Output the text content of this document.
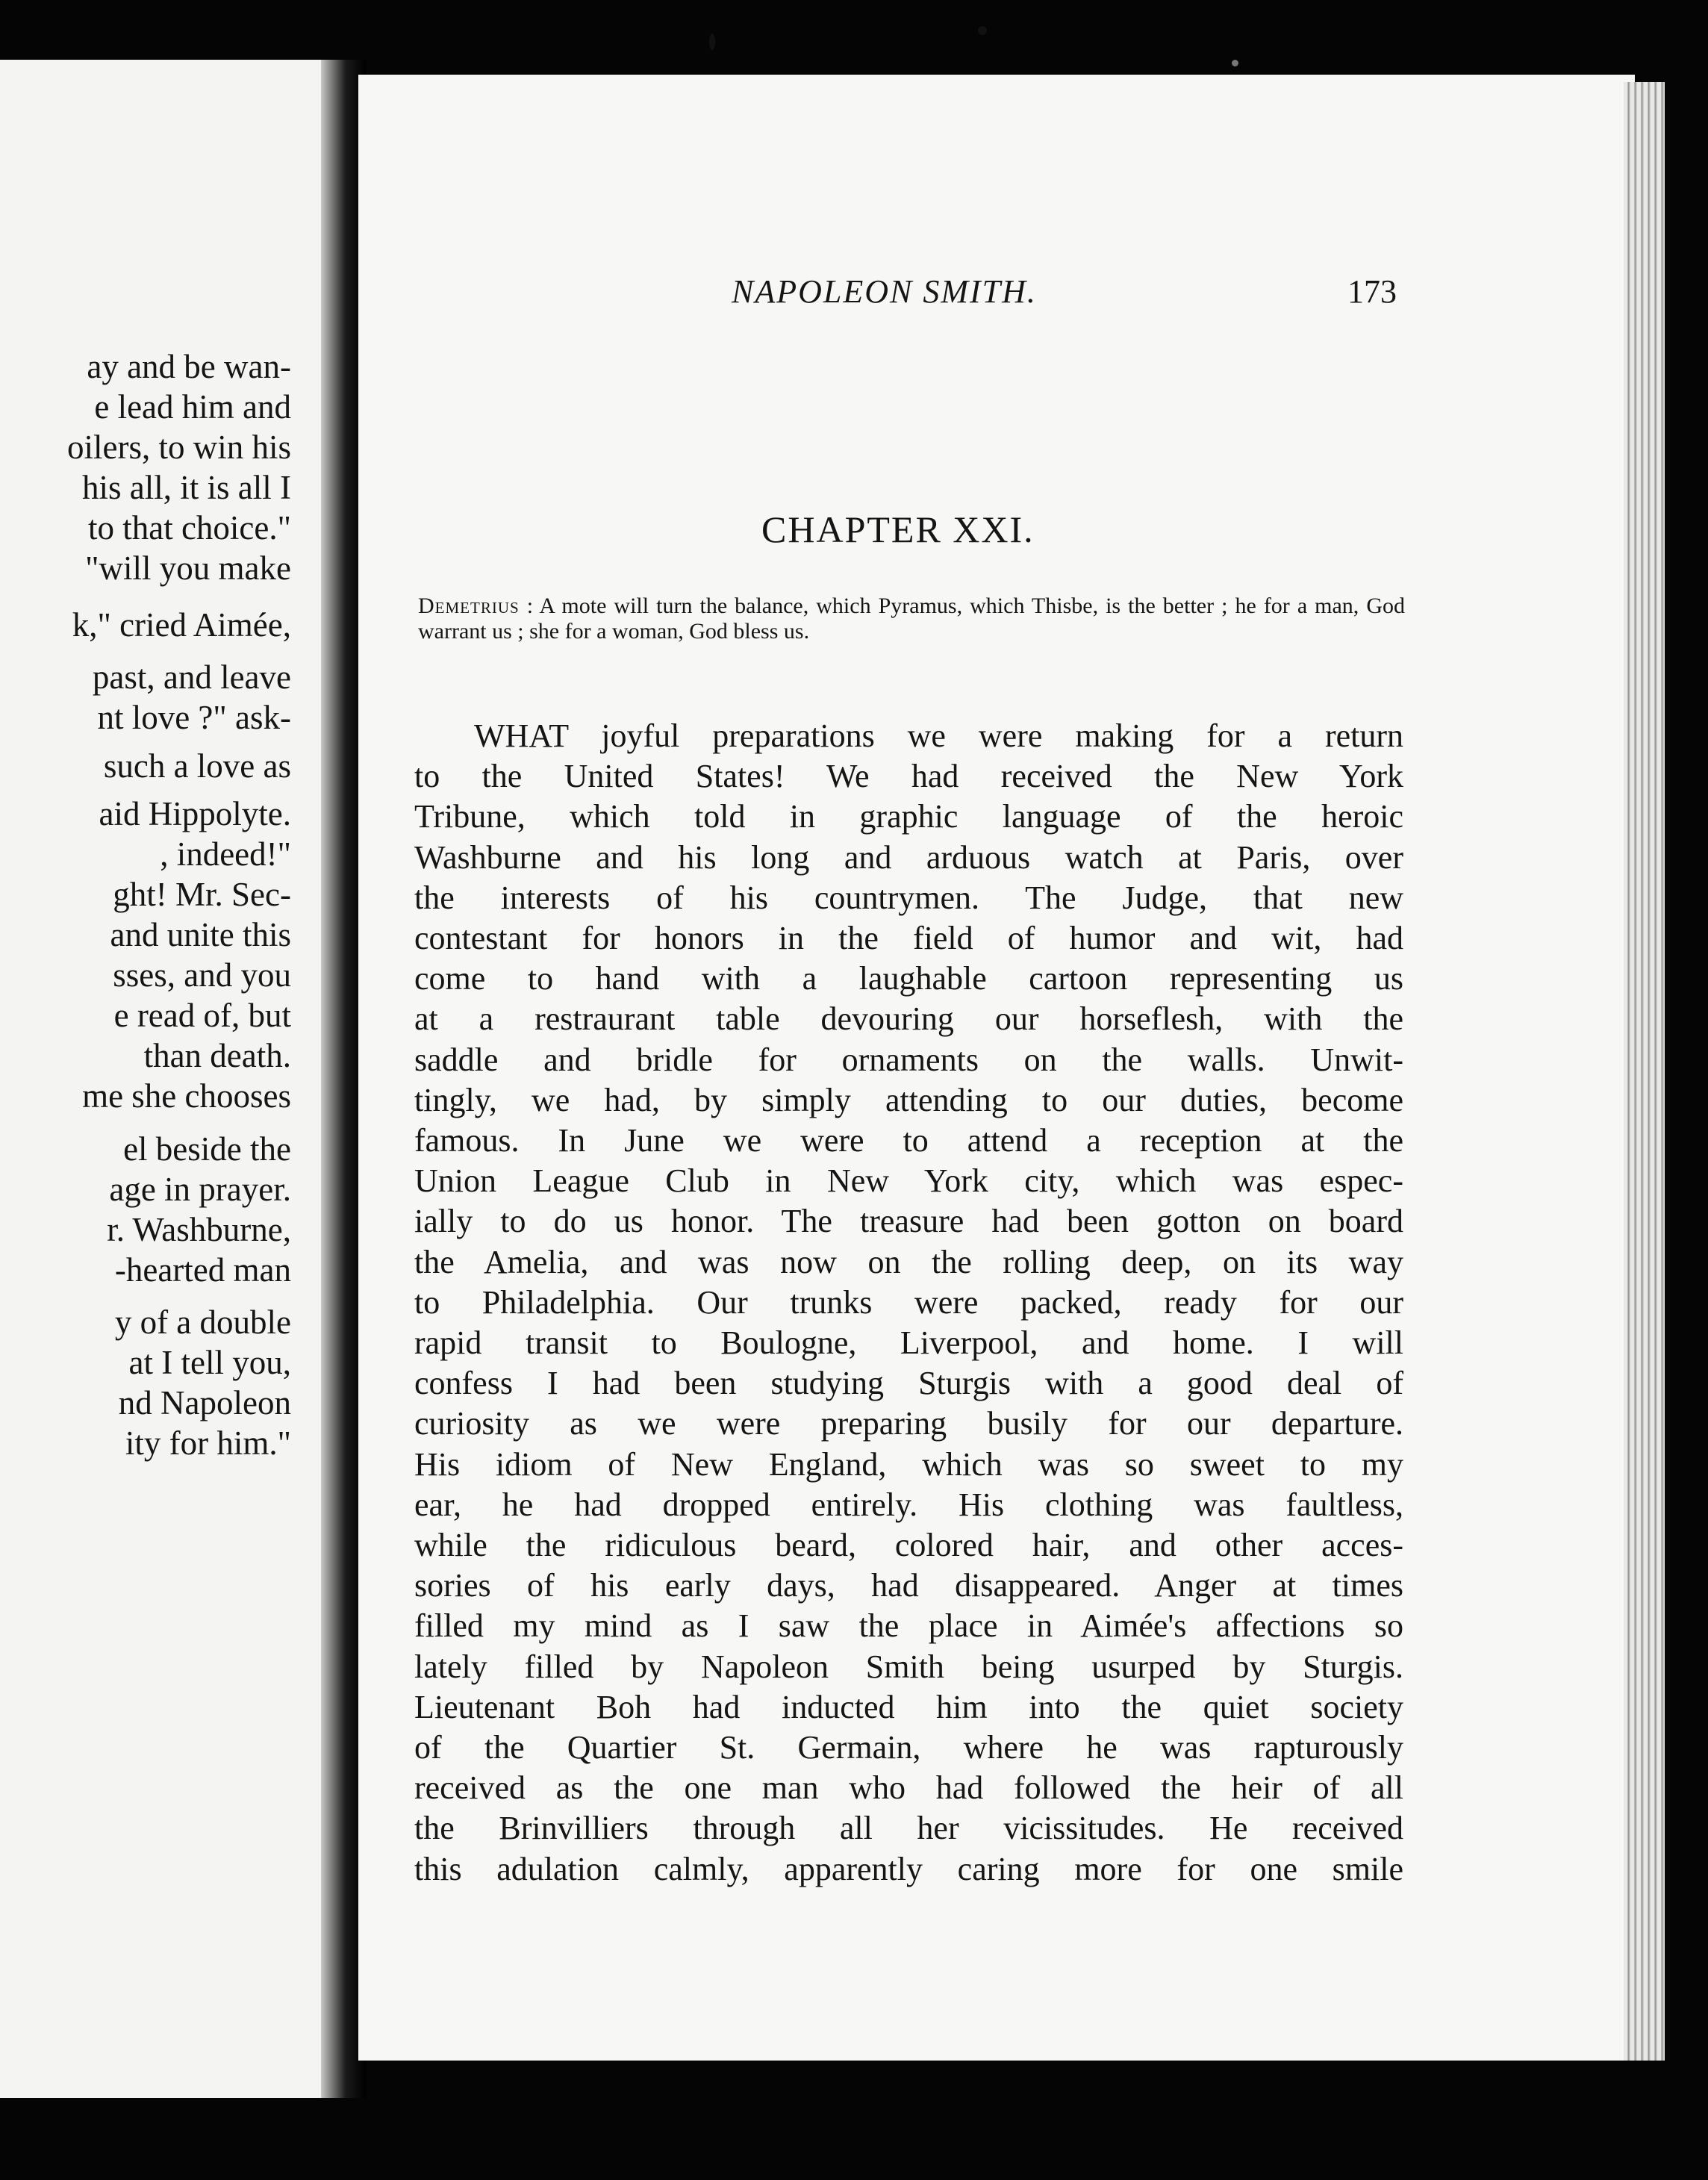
ay and be wan-
e lead him and
oilers, to win his
his all, it is all I
to that choice."
"will you make
k," cried Aimée,
past, and leave
nt love ?" ask-
such a love as
aid Hippolyte.
, indeed!"
ght! Mr. Sec-
and unite this
sses, and you
e read of, but
than death.
me she chooses
el beside the
age in prayer.
r. Washburne,
-hearted man
y of a double
at I tell you,
nd Napoleon
ity for him."
NAPOLEON SMITH.	173
CHAPTER XXI.
Demetrius : A mote will turn the balance, which Pyramus, which Thisbe, is the better ; he for a man, God warrant us ; she for a woman, God bless us.
WHAT joyful preparations we were making for a return
to the United States! We had received the New York
Tribune, which told in graphic language of the heroic
Washburne and his long and arduous watch at Paris, over
the interests of his countrymen. The Judge, that new
contestant for honors in the field of humor and wit, had
come to hand with a laughable cartoon representing us
at a restraurant table devouring our horseflesh, with the
saddle and bridle for ornaments on the walls. Unwit-
tingly, we had, by simply attending to our duties, become
famous. In June we were to attend a reception at the
Union League Club in New York city, which was espec-
ially to do us honor. The treasure had been gotton on board
the Amelia, and was now on the rolling deep, on its way
to Philadelphia. Our trunks were packed, ready for our
rapid transit to Boulogne, Liverpool, and home. I will
confess I had been studying Sturgis with a good deal of
curiosity as we were preparing busily for our departure.
His idiom of New England, which was so sweet to my
ear, he had dropped entirely. His clothing was faultless,
while the ridiculous beard, colored hair, and other acces-
sories of his early days, had disappeared. Anger at times
filled my mind as I saw the place in Aimée's affections so
lately filled by Napoleon Smith being usurped by Sturgis.
Lieutenant Boh had inducted him into the quiet society
of the Quartier St. Germain, where he was rapturously
received as the one man who had followed the heir of all
the Brinvilliers through all her vicissitudes. He received
this adulation calmly, apparently caring more for one smile
